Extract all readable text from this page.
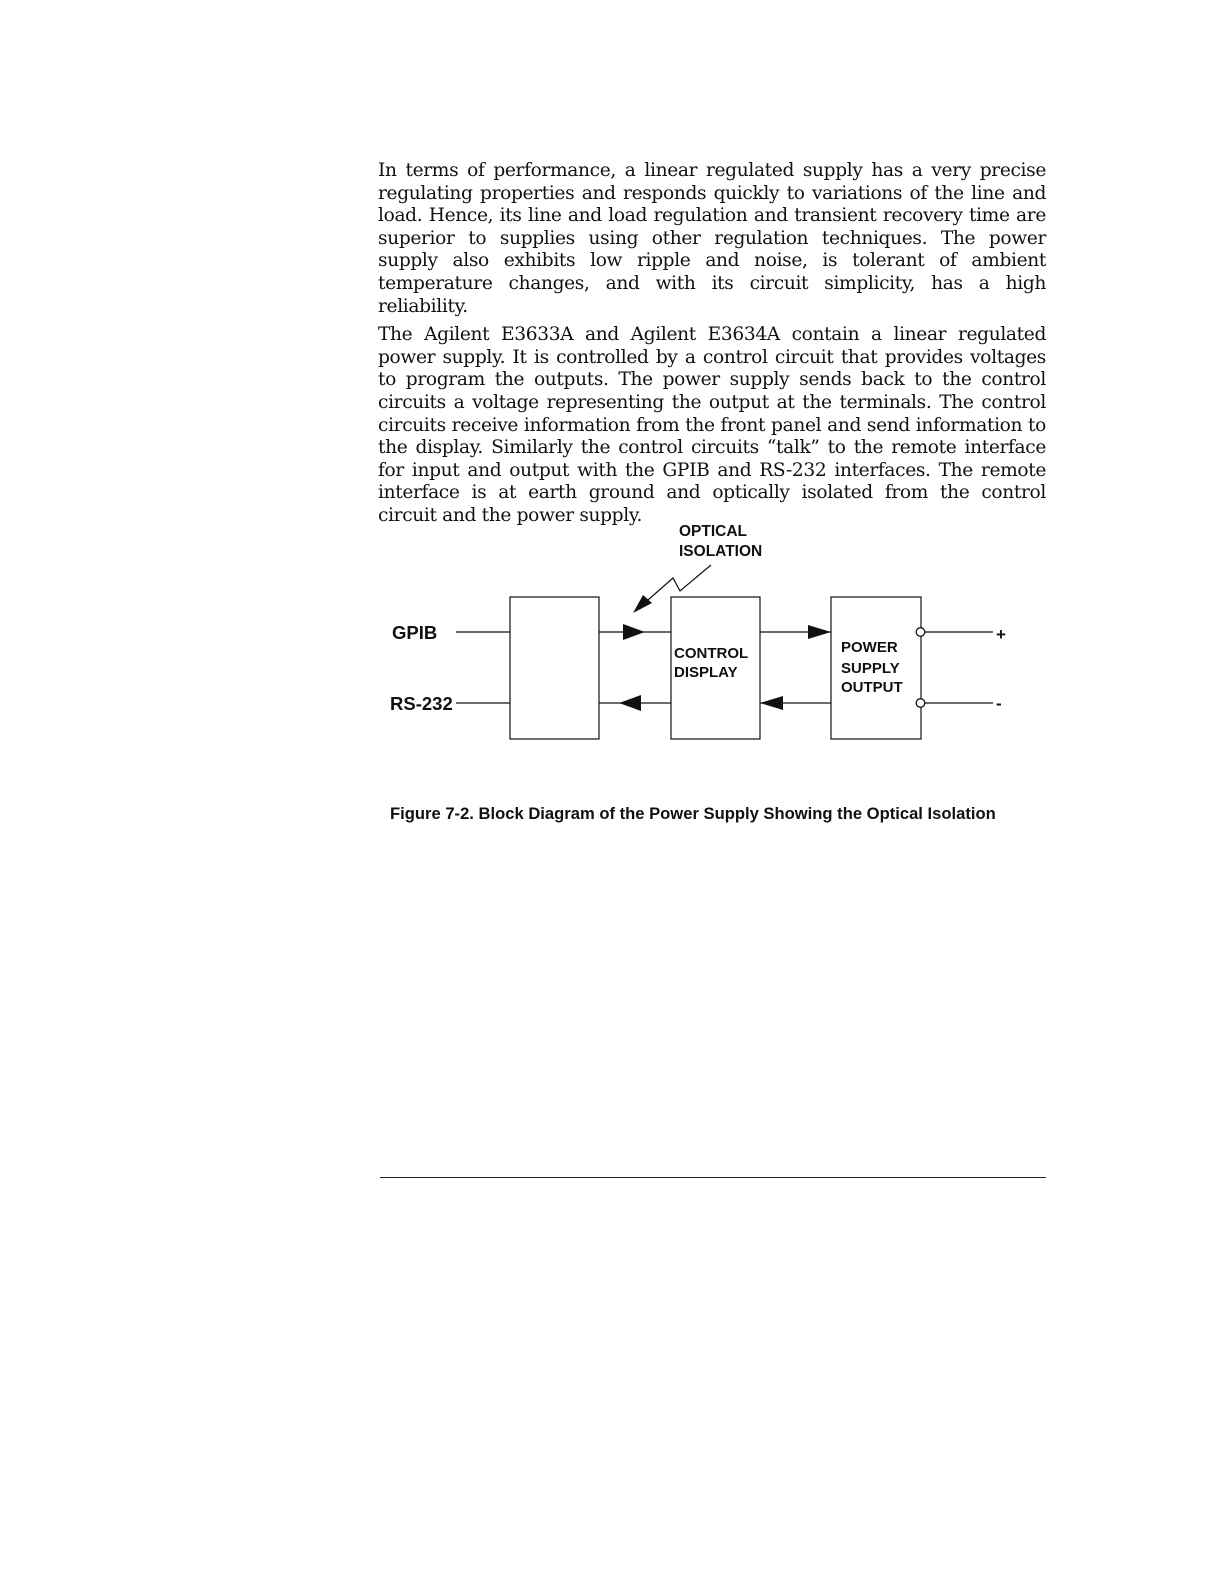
In terms of performance, a linear regulated supply has a very precise regulating properties and responds quickly to variations of the line and load. Hence, its line and load regulation and transient recovery time are superior to supplies using other regulation techniques. The power supply also exhibits low ripple and noise, is tolerant of ambient temperature changes, and with its circuit simplicity, has a high reliability.

The Agilent E3633A and Agilent E3634A contain a linear regulated power supply. It is controlled by a control circuit that provides voltages to program the outputs. The power supply sends back to the control circuits a voltage representing the output at the terminals. The control circuits receive information from the front panel and send information to the display. Similarly the control circuits “talk” to the remote interface for input and output with the GPIB and RS-232 interfaces. The remote interface is at earth ground and optically isolated from the control circuit and the power supply.

OPTICAL
ISOLATION
GPIB
RS-232
CONTROL
DISPLAY
POWER
SUPPLY
OUTPUT
+
-
Figure 7-2. Block Diagram of the Power Supply Showing the Optical Isolation
